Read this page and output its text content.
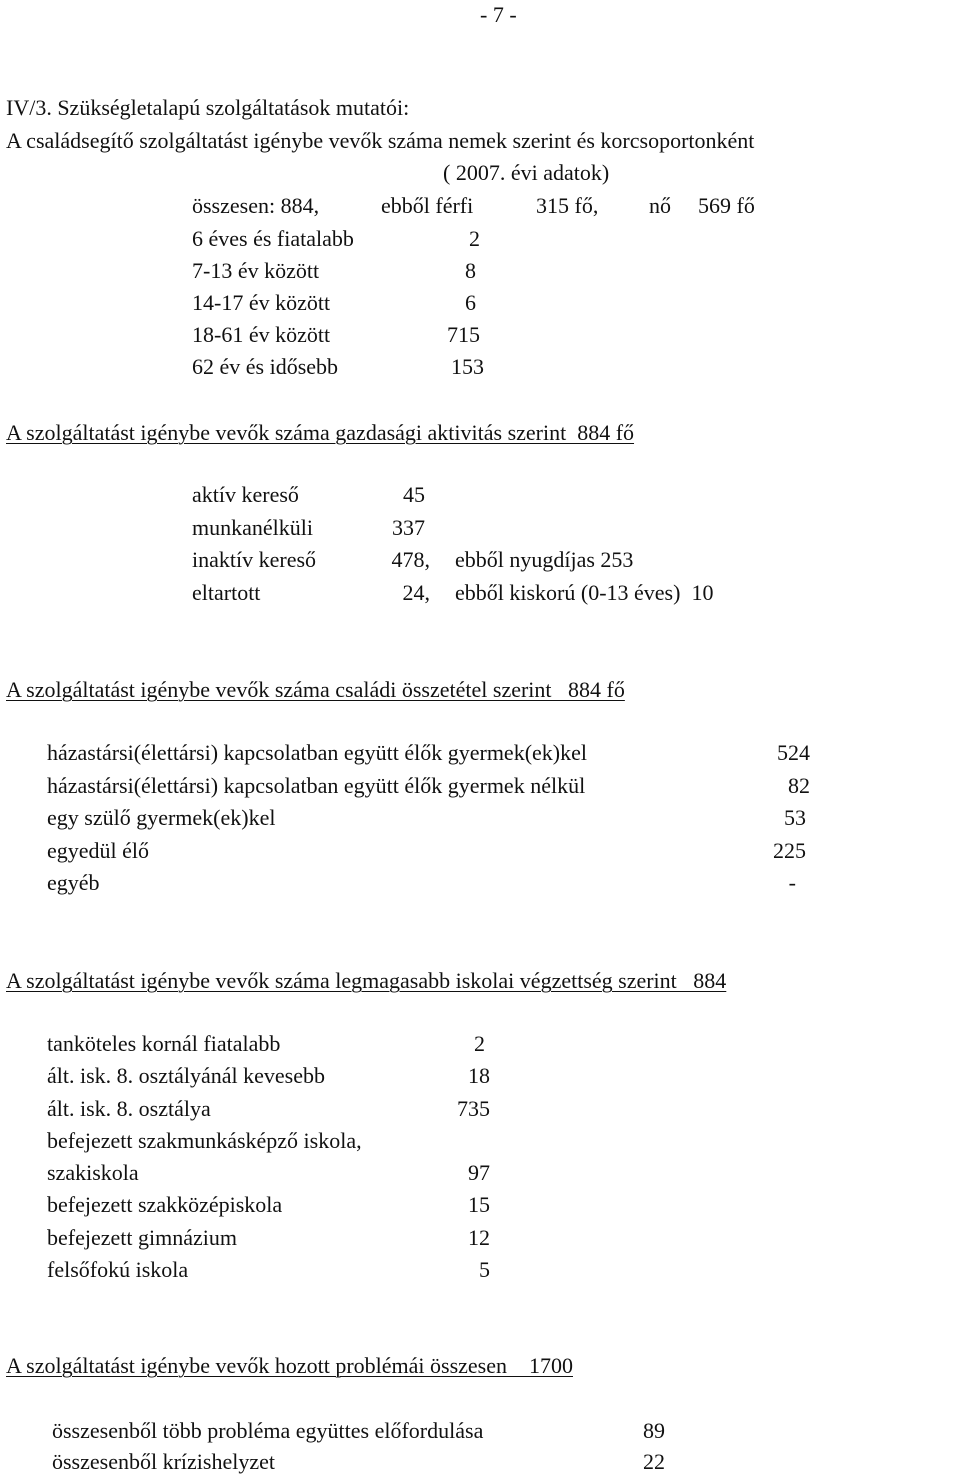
- 7 -
IV/3. Szükségletalapú szolgáltatások mutatói:
A családsegítő szolgáltatást igénybe vevők száma nemek szerint és korcsoportonként
( 2007. évi adatok)
összesen: 884,	ebből férfi	315 fő, nő 569 fő
6 éves és fiatalabb	2
7-13 év között	8
14-17 év között	6
18-61 év között	715
62 év és idősebb	153
A szolgáltatást igénybe vevők száma gazdasági aktivitás szerint  884 fő
aktív kereső	45
munkanélküli	337
inaktív kereső	478, ebből nyugdíjas 253
eltartott	24, ebből kiskorú (0-13 éves)  10
A szolgáltatást igénybe vevők száma családi összetétel szerint   884 fő
házastársi(élettársi) kapcsolatban együtt élők gyermek(ek)kel	524
házastársi(élettársi) kapcsolatban együtt élők gyermek nélkül	82
egy szülő gyermek(ek)kel	53
egyedül élő	225
egyéb	-
A szolgáltatást igénybe vevők száma legmagasabb iskolai végzettség szerint   884
tanköteles kornál fiatalabb	2
ált. isk. 8. osztályánál kevesebb	18
ált. isk. 8. osztálya	735
befejezett szakmunkásképző iskola,
szakiskola	97
befejezett szakközépiskola	15
befejezett gimnázium	12
felsőfokú iskola	5
A szolgáltatást igénybe vevők hozott problémái összesen    1700
összesenből több probléma együttes előfordulása	89
összesenből krízishelyzet	22
